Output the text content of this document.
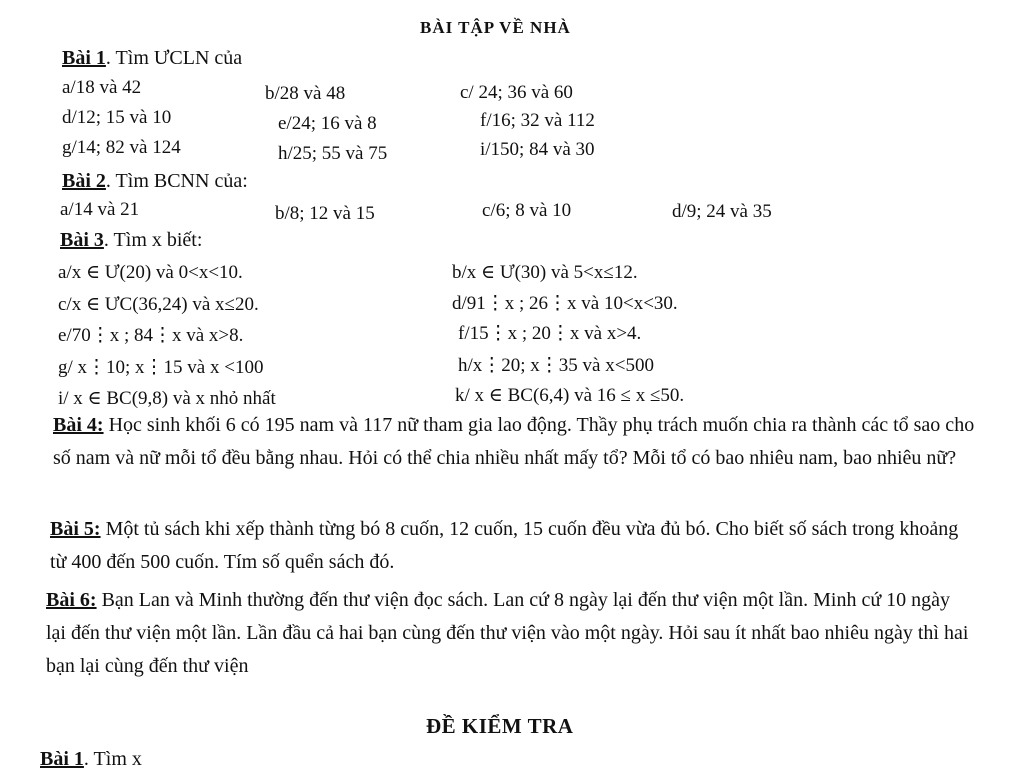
BÀI TẬP VỀ NHÀ
Bài 1. Tìm ƯCLN của
a/18 và 42	b/28 và 48	c/ 24; 36 và 60
d/12; 15 và 10	e/24; 16 và 8	f/16; 32 và 112
g/14; 82 và 124	h/25; 55 và 75	i/150; 84 và 30
Bài 2. Tìm BCNN của:
a/14 và 21	b/8; 12 và 15	c/6; 8 và 10	d/9; 24 và 35
Bài 3. Tìm x biết:
a/x ∈ Ư(20) và 0<x<10.	b/x ∈ Ư(30) và 5<x≤12.
c/x ∈ ƯC(36,24) và x≤20.	d/91⋮x ; 26⋮x và 10<x<30.
e/70⋮x ; 84⋮x và x>8.	f/15⋮x ; 20⋮x và x>4.
g/ x⋮10; x⋮15 và x <100	h/x⋮20; x⋮35 và x<500
i/ x ∈ BC(9,8) và x nhỏ nhất	k/ x ∈ BC(6,4) và 16 ≤ x ≤50.
Bài 4: Học sinh khối 6 có 195 nam và 117 nữ tham gia lao động. Thầy phụ trách muốn chia ra thành các tổ sao cho số nam và nữ mỗi tổ đều bằng nhau. Hỏi có thể chia nhiều nhất mấy tổ? Mỗi tổ có bao nhiêu nam, bao nhiêu nữ?
Bài 5: Một tủ sách khi xếp thành từng bó 8 cuốn, 12 cuốn, 15 cuốn đều vừa đủ bó. Cho biết số sách trong khoảng từ 400 đến 500 cuốn. Tím số quển sách đó.
Bài 6: Bạn Lan và Minh thường đến thư viện đọc sách. Lan cứ 8 ngày lại đến thư viện một lần. Minh cứ 10 ngày lại đến thư viện một lần. Lần đầu cả hai bạn cùng đến thư viện vào một ngày. Hỏi sau ít nhất bao nhiêu ngày thì hai bạn lại cùng đến thư viện
ĐỀ KIỂM TRA
Bài 1. Tìm x
